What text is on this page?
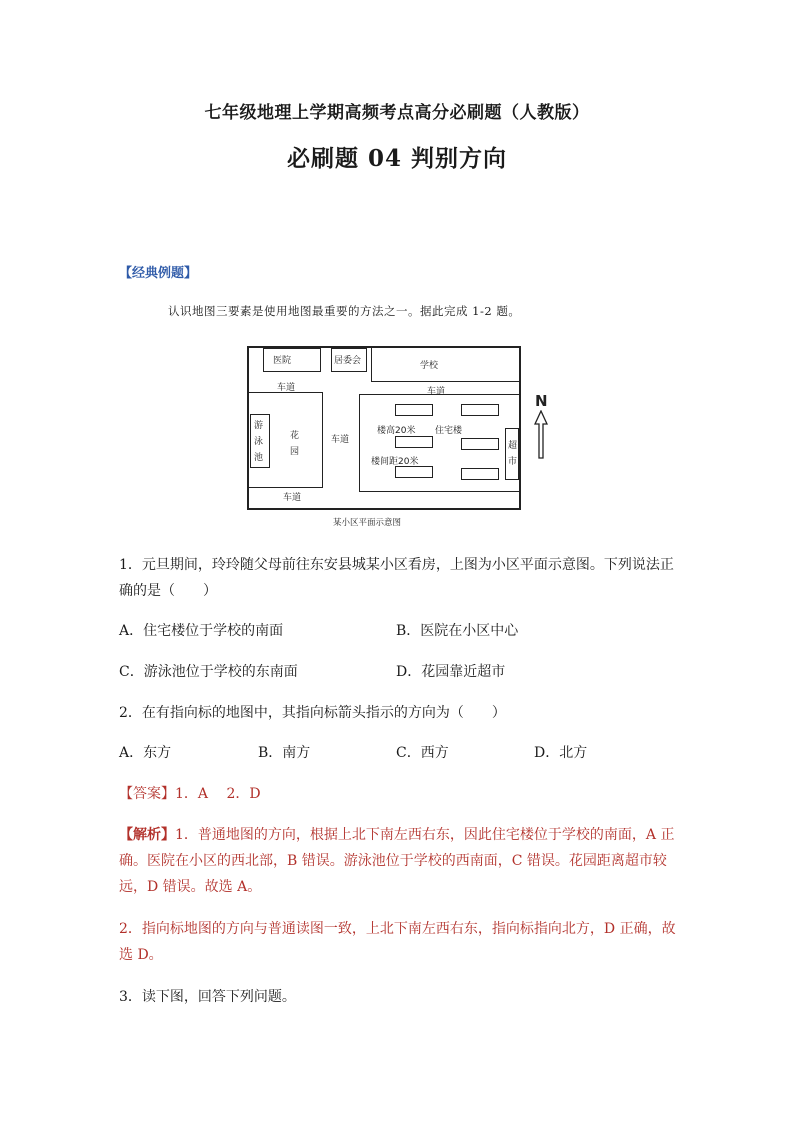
七年级地理上学期高频考点高分必刷题（人教版）
必刷题 04 判别方向
【经典例题】
认识地图三要素是使用地图最重要的方法之一。据此完成 1-2 题。
医院	居委会	学校
车道	车道
游
泳
池
花
园
车道
楼高20米 住宅楼
楼间距20米
超
市
车道
N
某小区平面示意图
1．元旦期间，玲玲随父母前往东安县城某小区看房，上图为小区平面示意图。下列说法正确的是（　　）
A．住宅楼位于学校的南面	B．医院在小区中心
C．游泳池位于学校的东南面	D．花园靠近超市
2．在有指向标的地图中，其指向标箭头指示的方向为（　　）
A．东方	B．南方	C．西方	D．北方
【答案】1．A　 2．D
【解析】1．普通地图的方向，根据上北下南左西右东，因此住宅楼位于学校的南面，A 正确。医院在小区的西北部，B 错误。游泳池位于学校的西南面，C 错误。花园距离超市较远，D 错误。故选 A。
2．指向标地图的方向与普通读图一致，上北下南左西右东，指向标指向北方，D 正确，故选 D。
3．读下图，回答下列问题。
